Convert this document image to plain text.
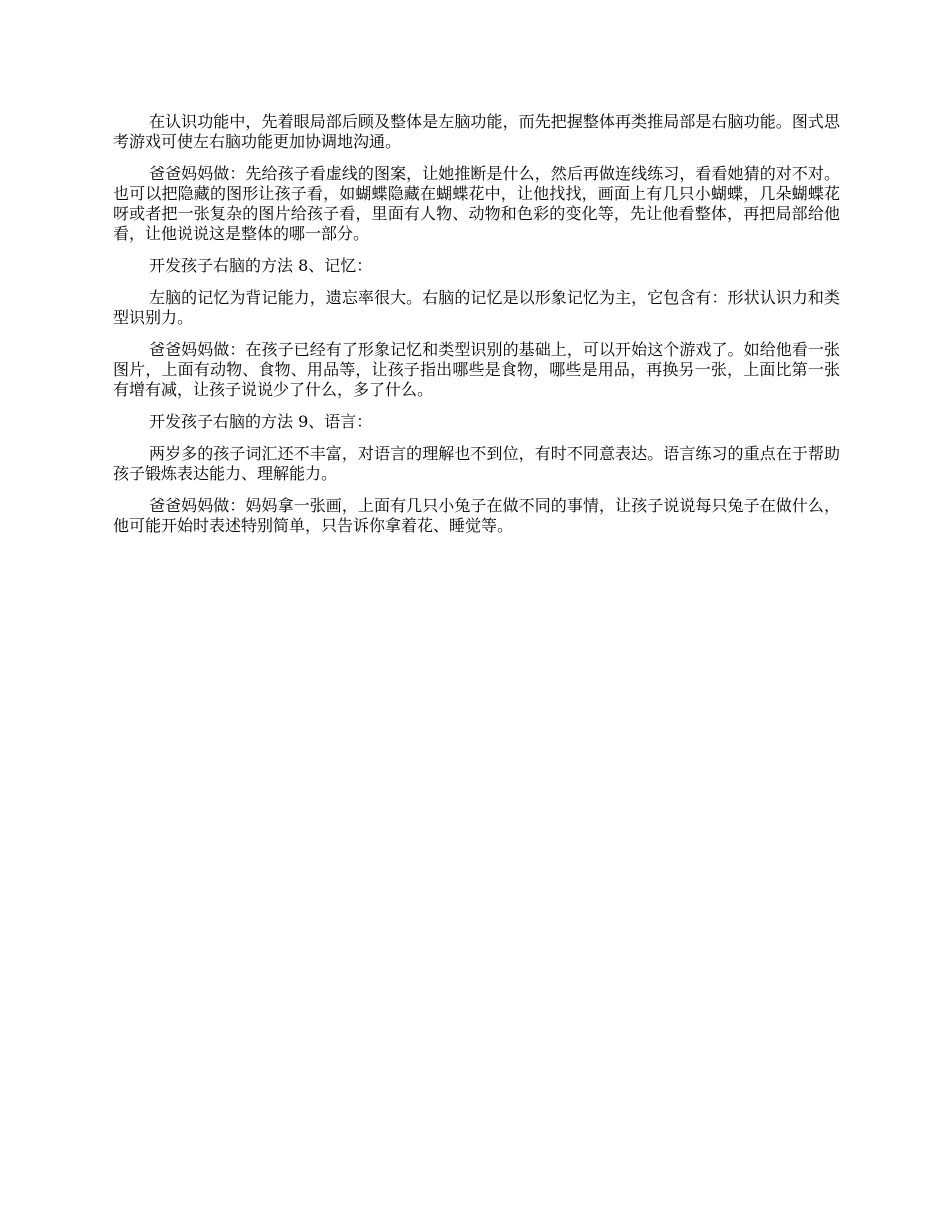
在认识功能中，先着眼局部后顾及整体是左脑功能，而先把握整体再类推局部是右脑功能。图式思考游戏可使左右脑功能更加协调地沟通。

爸爸妈妈做：先给孩子看虚线的图案，让她推断是什么，然后再做连线练习，看看她猜的对不对。也可以把隐藏的图形让孩子看，如蝴蝶隐藏在蝴蝶花中，让他找找，画面上有几只小蝴蝶，几朵蝴蝶花呀或者把一张复杂的图片给孩子看，里面有人物、动物和色彩的变化等，先让他看整体，再把局部给他看，让他说说这是整体的哪一部分。

开发孩子右脑的方法 8、记忆：

左脑的记忆为背记能力，遗忘率很大。右脑的记忆是以形象记忆为主，它包含有：形状认识力和类型识别力。

爸爸妈妈做：在孩子已经有了形象记忆和类型识别的基础上，可以开始这个游戏了。如给他看一张图片，上面有动物、食物、用品等，让孩子指出哪些是食物，哪些是用品，再换另一张，上面比第一张有增有减，让孩子说说少了什么，多了什么。

开发孩子右脑的方法 9、语言：

两岁多的孩子词汇还不丰富，对语言的理解也不到位，有时不同意表达。语言练习的重点在于帮助孩子锻炼表达能力、理解能力。

爸爸妈妈做：妈妈拿一张画，上面有几只小兔子在做不同的事情，让孩子说说每只兔子在做什么，他可能开始时表述特别简单，只告诉你拿着花、睡觉等。
